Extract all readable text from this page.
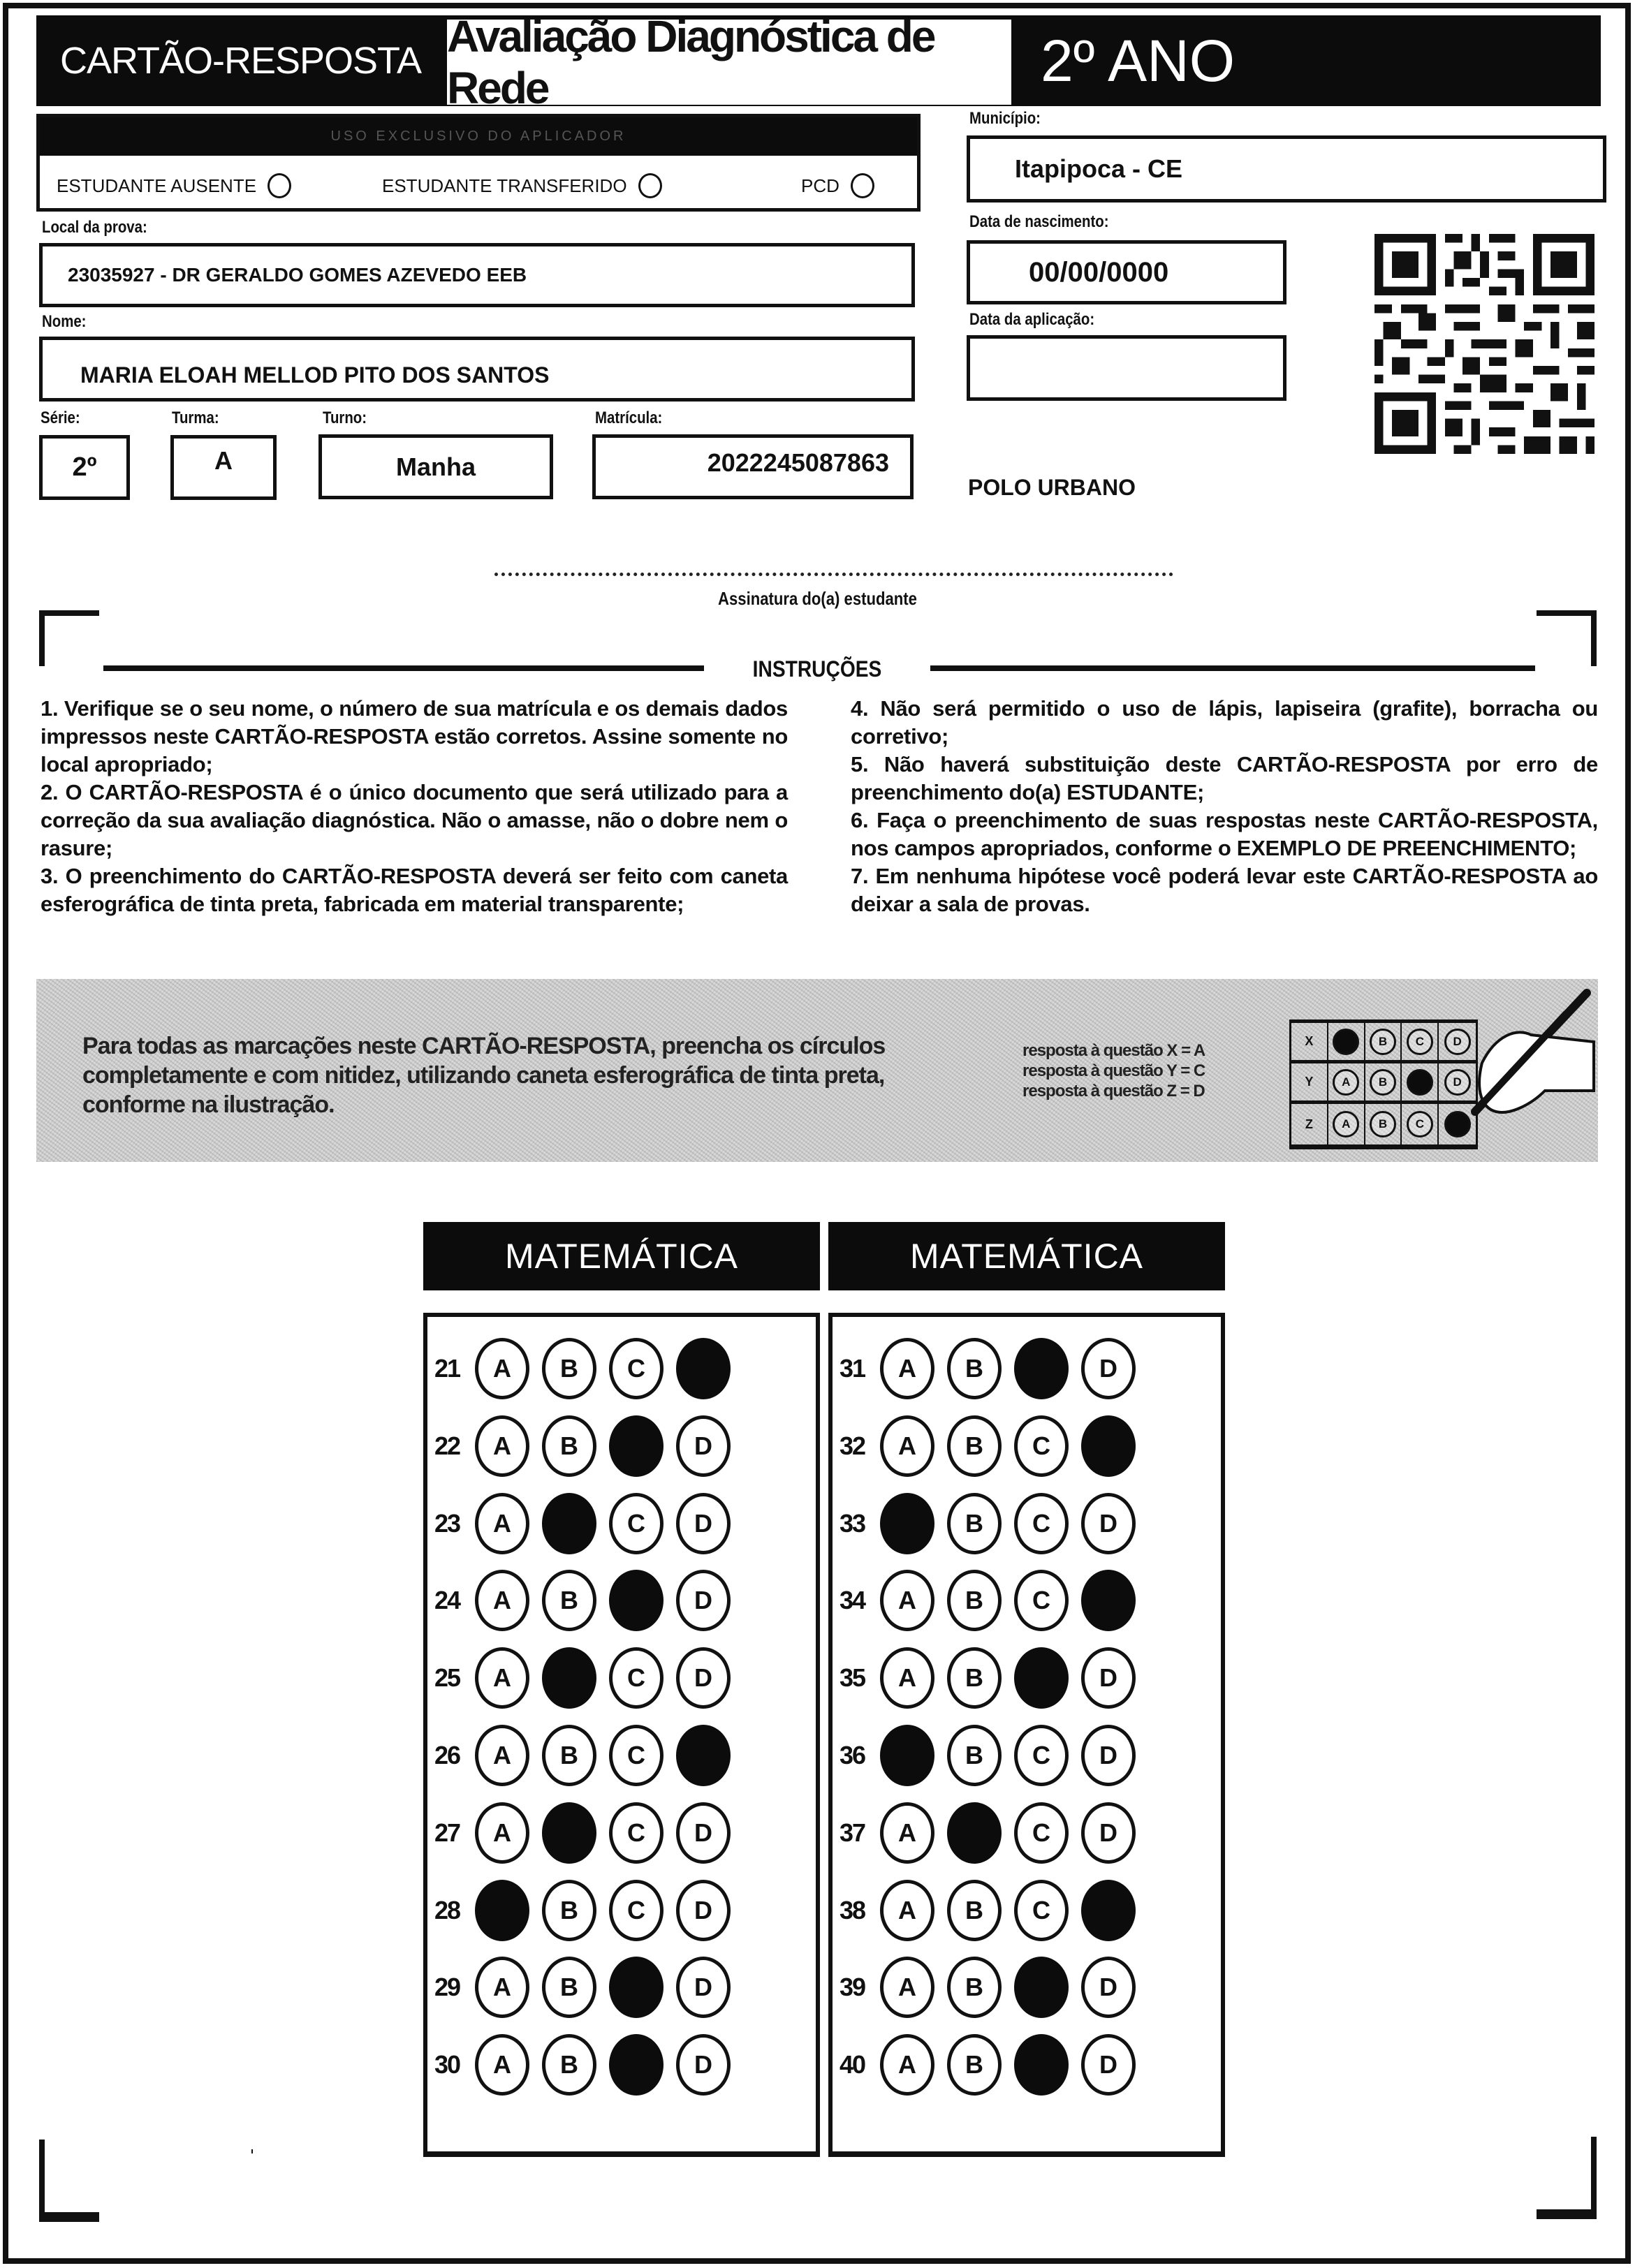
CARTÃO-RESPOSTA Avaliação Diagnóstica de Rede	2º ANO
USO EXCLUSIVO DO APLICADOR
ESTUDANTE AUSENTE	ESTUDANTE TRANSFERIDO	PCD
Local da prova:
23035927 - DR GERALDO GOMES AZEVEDO EEB
Nome:
MARIA ELOAH MELLOD PITO DOS SANTOS
Série:	Turma:	Turno:	Matrícula:
2º	A	Manha	2022245087863
Município:
Itapipoca - CE
Data de nascimento:
00/00/0000
Data da aplicação:
POLO URBANO
Assinatura do(a) estudante
INSTRUÇÕES

1. Verifique se o seu nome, o número de sua matrícula e os demais dados impressos neste CARTÃO-RESPOSTA estão corretos. Assine somente no local apropriado;

2. O CARTÃO-RESPOSTA é o único documento que será utilizado para a correção da sua avaliação diagnóstica. Não o amasse, não o dobre nem o rasure;

3. O preenchimento do CARTÃO-RESPOSTA deverá ser feito com caneta esferográfica de tinta preta, fabricada em material transparente;

4. Não será permitido o uso de lápis, lapiseira (grafite), borracha ou corretivo;

5. Não haverá substituição deste CARTÃO-RESPOSTA por erro de preenchimento do(a) ESTUDANTE;

6. Faça o preenchimento de suas respostas neste CARTÃO-RESPOSTA, nos campos apropriados, conforme o EXEMPLO DE PREENCHIMENTO;

7. Em nenhuma hipótese você poderá levar este CARTÃO-RESPOSTA ao deixar a sala de provas.

Para todas as marcações neste CARTÃO-RESPOSTA, preencha os círculos completamente e com nitidez, utilizando caneta esferográfica de tinta preta, conforme na ilustração.
resposta à questão X = A
resposta à questão Y = C
resposta à questão Z = D
X	A	B	C	D
Y	A	B	C	D
Z	A	B	C	D
MATEMÁTICA	MATEMÁTICA
21	A	B	C	D
22	A	B	C	D
23	A	B	C	D
24	A	B	C	D
25	A	B	C	D
26	A	B	C	D
27	A	B	C	D
28	A	B	C	D
29	A	B	C	D
30	A	B	C	D
31	A	B	C	D
32	A	B	C	D
33	A	B	C	D
34	A	B	C	D
35	A	B	C	D
36	A	B	C	D
37	A	B	C	D
38	A	B	C	D
39	A	B	C	D
40	A	B	C	D
